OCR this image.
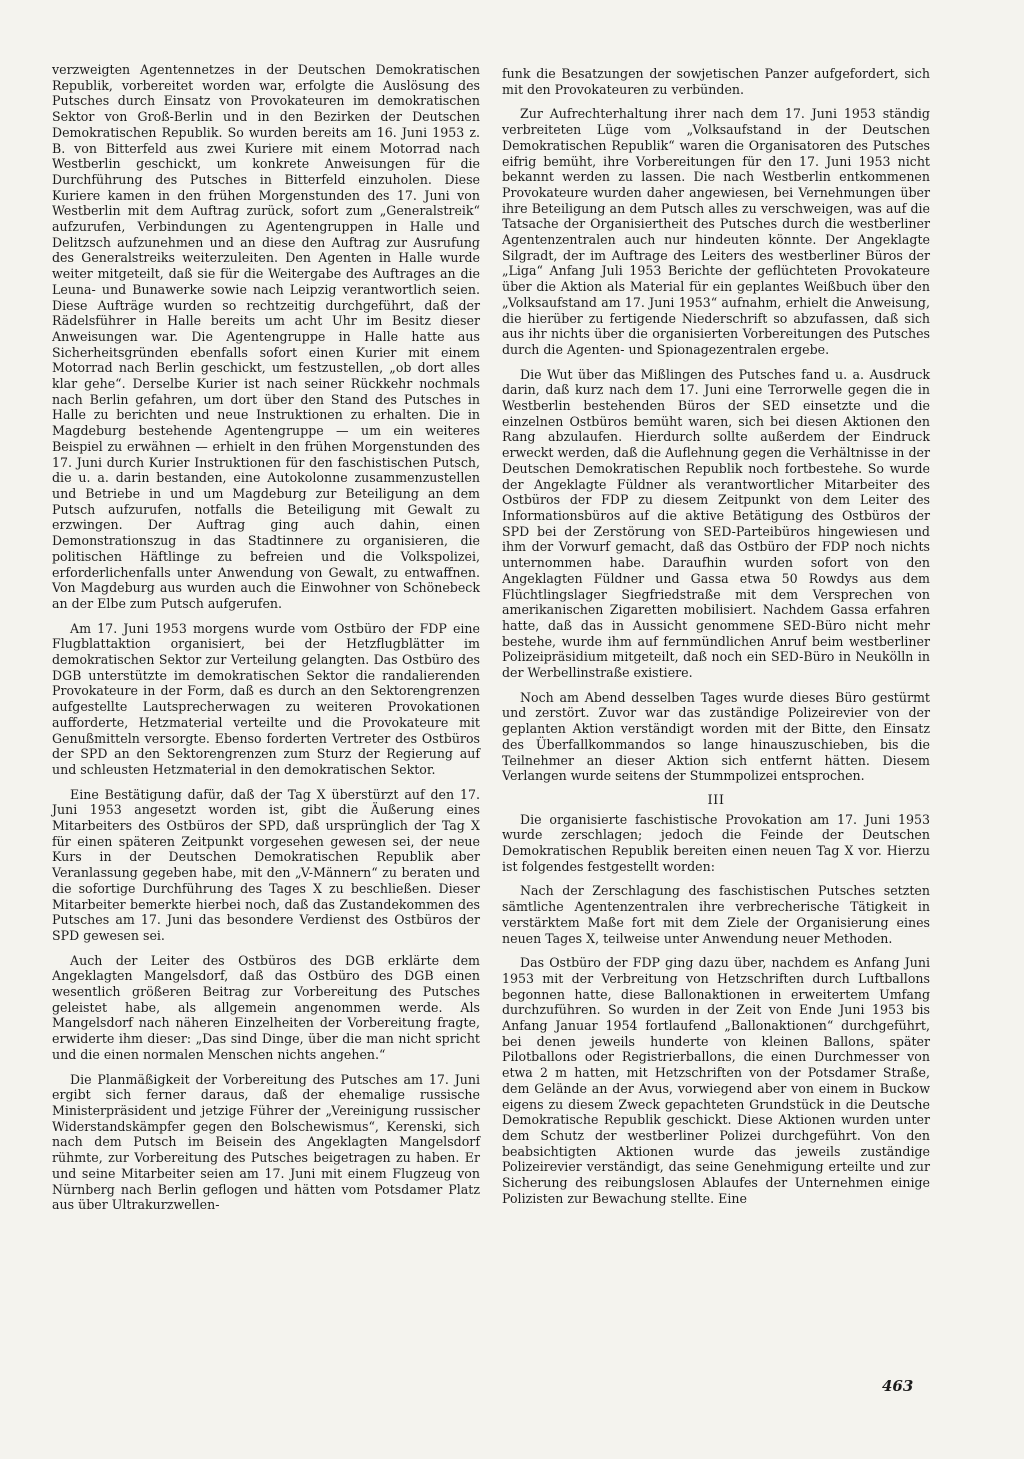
verzweigten Agentennetzes in der Deutschen Demokratischen Republik, vorbereitet worden war, erfolgte die Auslösung des Putsches durch Einsatz von Provokateuren im demokratischen Sektor von Groß-Berlin und in den Bezirken der Deutschen Demokratischen Republik. So wurden bereits am 16. Juni 1953 z. B. von Bitterfeld aus zwei Kuriere mit einem Motorrad nach Westberlin geschickt, um konkrete Anweisungen für die Durchführung des Putsches in Bitterfeld einzuholen. Diese Kuriere kamen in den frühen Morgenstunden des 17. Juni von Westberlin mit dem Auftrag zurück, sofort zum „Generalstreik“ aufzurufen, Verbindungen zu Agentengruppen in Halle und Delitzsch aufzunehmen und an diese den Auftrag zur Ausrufung des Generalstreiks weiterzuleiten. Den Agenten in Halle wurde weiter mitgeteilt, daß sie für die Weitergabe des Auftrages an die Leuna- und Bunawerke sowie nach Leipzig verantwortlich seien. Diese Aufträge wurden so rechtzeitig durchgeführt, daß der Rädelsführer in Halle bereits um acht Uhr im Besitz dieser Anweisungen war. Die Agentengruppe in Halle hatte aus Sicherheitsgründen ebenfalls sofort einen Kurier mit einem Motorrad nach Berlin geschickt, um festzustellen, „ob dort alles klar gehe“. Derselbe Kurier ist nach seiner Rückkehr nochmals nach Berlin gefahren, um dort über den Stand des Putsches in Halle zu berichten und neue Instruktionen zu erhalten. Die in Magdeburg bestehende Agentengruppe — um ein weiteres Beispiel zu erwähnen — erhielt in den frühen Morgenstunden des 17. Juni durch Kurier Instruktionen für den faschistischen Putsch, die u. a. darin bestanden, eine Autokolonne zusammenzustellen und Betriebe in und um Magdeburg zur Beteiligung an dem Putsch aufzurufen, notfalls die Beteiligung mit Gewalt zu erzwingen. Der Auftrag ging auch dahin, einen Demonstrationszug in das Stadtinnere zu organisieren, die politischen Häftlinge zu befreien und die Volkspolizei, erforderlichenfalls unter Anwendung von Gewalt, zu entwaffnen. Von Magdeburg aus wurden auch die Einwohner von Schönebeck an der Elbe zum Putsch aufgerufen.

Am 17. Juni 1953 morgens wurde vom Ostbüro der FDP eine Flugblattaktion organisiert, bei der Hetzflugblätter im demokratischen Sektor zur Verteilung gelangten. Das Ostbüro des DGB unterstützte im demokratischen Sektor die randalierenden Provokateure in der Form, daß es durch an den Sektorengrenzen aufgestellte Lautsprecherwagen zu weiteren Provokationen aufforderte, Hetzmaterial verteilte und die Provokateure mit Genußmitteln versorgte. Ebenso forderten Vertreter des Ostbüros der SPD an den Sektorengrenzen zum Sturz der Regierung auf und schleusten Hetzmaterial in den demokratischen Sektor.

Eine Bestätigung dafür, daß der Tag X überstürzt auf den 17. Juni 1953 angesetzt worden ist, gibt die Äußerung eines Mitarbeiters des Ostbüros der SPD, daß ursprünglich der Tag X für einen späteren Zeitpunkt vorgesehen gewesen sei, der neue Kurs in der Deutschen Demokratischen Republik aber Veranlassung gegeben habe, mit den „V-Männern“ zu beraten und die sofortige Durchführung des Tages X zu beschließen. Dieser Mitarbeiter bemerkte hierbei noch, daß das Zustandekommen des Putsches am 17. Juni das besondere Verdienst des Ostbüros der SPD gewesen sei.

Auch der Leiter des Ostbüros des DGB erklärte dem Angeklagten Mangelsdorf, daß das Ostbüro des DGB einen wesentlich größeren Beitrag zur Vorbereitung des Putsches geleistet habe, als allgemein angenommen werde. Als Mangelsdorf nach näheren Einzelheiten der Vorbereitung fragte, erwiderte ihm dieser: „Das sind Dinge, über die man nicht spricht und die einen normalen Menschen nichts angehen.“

Die Planmäßigkeit der Vorbereitung des Putsches am 17. Juni ergibt sich ferner daraus, daß der ehemalige russische Ministerpräsident und jetzige Führer der „Vereinigung russischer Widerstandskämpfer gegen den Bolschewismus“, Kerenski, sich nach dem Putsch im Beisein des Angeklagten Mangelsdorf rühmte, zur Vorbereitung des Putsches beigetragen zu haben. Er und seine Mitarbeiter seien am 17. Juni mit einem Flugzeug von Nürnberg nach Berlin geflogen und hätten vom Potsdamer Platz aus über Ultrakurzwellen-

funk die Besatzungen der sowjetischen Panzer aufgefordert, sich mit den Provokateuren zu verbünden.

Zur Aufrechterhaltung ihrer nach dem 17. Juni 1953 ständig verbreiteten Lüge vom „Volksaufstand in der Deutschen Demokratischen Republik“ waren die Organisatoren des Putsches eifrig bemüht, ihre Vorbereitungen für den 17. Juni 1953 nicht bekannt werden zu lassen. Die nach Westberlin entkommenen Provokateure wurden daher angewiesen, bei Vernehmungen über ihre Beteiligung an dem Putsch alles zu verschweigen, was auf die Tatsache der Organisiertheit des Putsches durch die westberliner Agentenzentralen auch nur hindeuten könnte. Der Angeklagte Silgradt, der im Auftrage des Leiters des westberliner Büros der „Liga“ Anfang Juli 1953 Berichte der geflüchteten Provokateure über die Aktion als Material für ein geplantes Weißbuch über den „Volksaufstand am 17. Juni 1953“ aufnahm, erhielt die Anweisung, die hierüber zu fertigende Niederschrift so abzufassen, daß sich aus ihr nichts über die organisierten Vorbereitungen des Putsches durch die Agenten- und Spionagezentralen ergebe.

Die Wut über das Mißlingen des Putsches fand u. a. Ausdruck darin, daß kurz nach dem 17. Juni eine Terrorwelle gegen die in Westberlin bestehenden Büros der SED einsetzte und die einzelnen Ostbüros bemüht waren, sich bei diesen Aktionen den Rang abzulaufen. Hierdurch sollte außerdem der Eindruck erweckt werden, daß die Auflehnung gegen die Verhältnisse in der Deutschen Demokratischen Republik noch fortbestehe. So wurde der Angeklagte Füldner als verantwortlicher Mitarbeiter des Ostbüros der FDP zu diesem Zeitpunkt von dem Leiter des Informationsbüros auf die aktive Betätigung des Ostbüros der SPD bei der Zerstörung von SED-Parteibüros hingewiesen und ihm der Vorwurf gemacht, daß das Ostbüro der FDP noch nichts unternommen habe. Daraufhin wurden sofort von den Angeklagten Füldner und Gassa etwa 50 Rowdys aus dem Flüchtlingslager Siegfriedstraße mit dem Versprechen von amerikanischen Zigaretten mobilisiert. Nachdem Gassa erfahren hatte, daß das in Aussicht genommene SED-Büro nicht mehr bestehe, wurde ihm auf fernmündlichen Anruf beim westberliner Polizeipräsidium mitgeteilt, daß noch ein SED-Büro in Neukölln in der Werbellinstraße existiere.

Noch am Abend desselben Tages wurde dieses Büro gestürmt und zerstört. Zuvor war das zuständige Polizeirevier von der geplanten Aktion verständigt worden mit der Bitte, den Einsatz des Überfallkommandos so lange hinauszuschieben, bis die Teilnehmer an dieser Aktion sich entfernt hätten. Diesem Verlangen wurde seitens der Stummpolizei entsprochen.

III

Die organisierte faschistische Provokation am 17. Juni 1953 wurde zerschlagen; jedoch die Feinde der Deutschen Demokratischen Republik bereiten einen neuen Tag X vor. Hierzu ist folgendes festgestellt worden:

Nach der Zerschlagung des faschistischen Putsches setzten sämtliche Agentenzentralen ihre verbrecherische Tätigkeit in verstärktem Maße fort mit dem Ziele der Organisierung eines neuen Tages X, teilweise unter Anwendung neuer Methoden.

Das Ostbüro der FDP ging dazu über, nachdem es Anfang Juni 1953 mit der Verbreitung von Hetzschriften durch Luftballons begonnen hatte, diese Ballonaktionen in erweitertem Umfang durchzuführen. So wurden in der Zeit von Ende Juni 1953 bis Anfang Januar 1954 fortlaufend „Ballonaktionen“ durchgeführt, bei denen jeweils hunderte von kleinen Ballons, später Pilotballons oder Registrierballons, die einen Durchmesser von etwa 2 m hatten, mit Hetzschriften von der Potsdamer Straße, dem Gelände an der Avus, vorwiegend aber von einem in Buckow eigens zu diesem Zweck gepachteten Grundstück in die Deutsche Demokratische Republik geschickt. Diese Aktionen wurden unter dem Schutz der westberliner Polizei durchgeführt. Von den beabsichtigten Aktionen wurde das jeweils zuständige Polizeirevier verständigt, das seine Genehmigung erteilte und zur Sicherung des reibungslosen Ablaufes der Unternehmen einige Polizisten zur Bewachung stellte. Eine

463
